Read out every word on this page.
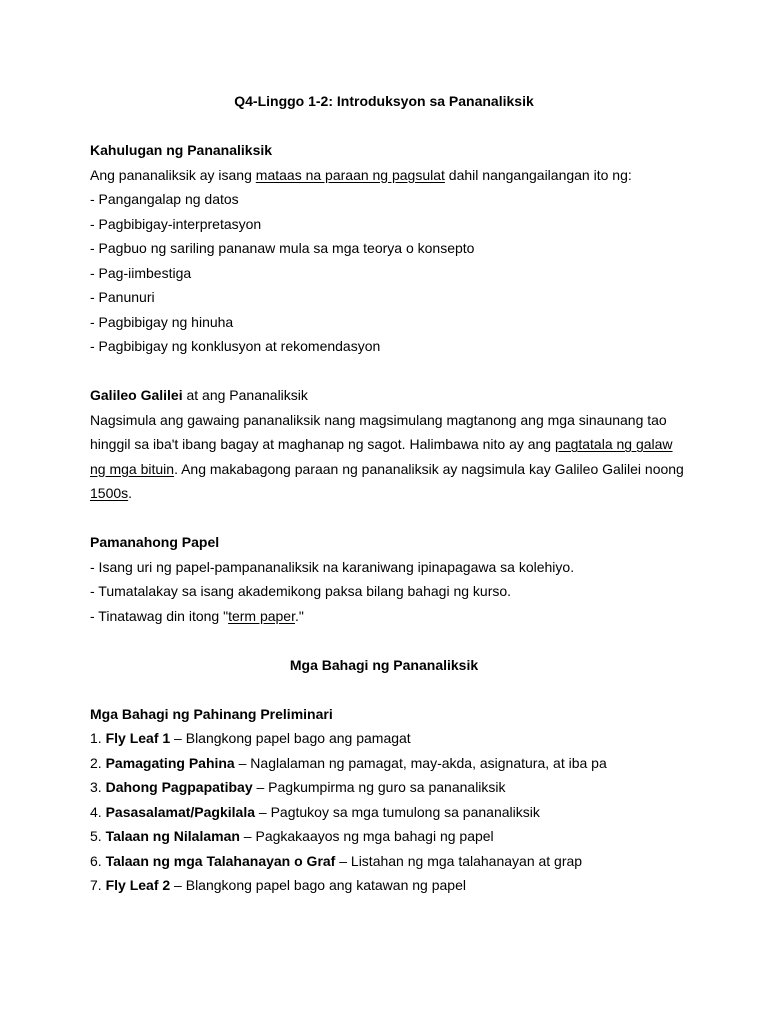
Q4-Linggo 1-2: Introduksyon sa Pananaliksik

Kahulugan ng Pananaliksik

Ang pananaliksik ay isang mataas na paraan ng pagsulat dahil nangangailangan ito ng:

- Pangangalap ng datos

- Pagbibigay-interpretasyon

- Pagbuo ng sariling pananaw mula sa mga teorya o konsepto

- Pag-iimbestiga

- Panunuri

- Pagbibigay ng hinuha

- Pagbibigay ng konklusyon at rekomendasyon

Galileo Galilei at ang Pananaliksik

Nagsimula ang gawaing pananaliksik nang magsimulang magtanong ang mga sinaunang tao

hinggil sa iba't ibang bagay at maghanap ng sagot. Halimbawa nito ay ang pagtatala ng galaw

ng mga bituin. Ang makabagong paraan ng pananaliksik ay nagsimula kay Galileo Galilei noong

1500s.

Pamanahong Papel

- Isang uri ng papel-pampananaliksik na karaniwang ipinapagawa sa kolehiyo.

- Tumatalakay sa isang akademikong paksa bilang bahagi ng kurso.

- Tinatawag din itong "term paper."

Mga Bahagi ng Pananaliksik

Mga Bahagi ng Pahinang Preliminari

1. Fly Leaf 1 – Blangkong papel bago ang pamagat

2. Pamagating Pahina – Naglalaman ng pamagat, may-akda, asignatura, at iba pa

3. Dahong Pagpapatibay – Pagkumpirma ng guro sa pananaliksik

4. Pasasalamat/Pagkilala – Pagtukoy sa mga tumulong sa pananaliksik

5. Talaan ng Nilalaman – Pagkakaayos ng mga bahagi ng papel

6. Talaan ng mga Talahanayan o Graf – Listahan ng mga talahanayan at grap

7. Fly Leaf 2 – Blangkong papel bago ang katawan ng papel
